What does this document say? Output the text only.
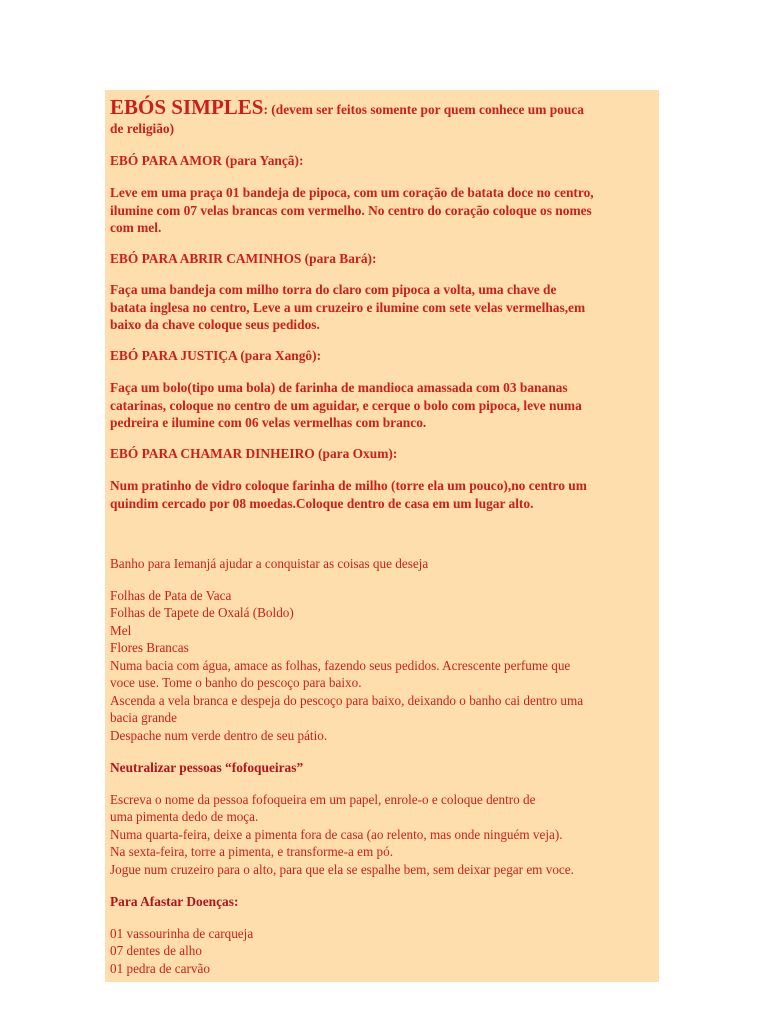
EBÓS SIMPLES: (devem ser feitos somente por quem conhece um pouca

de religião)

EBÓ PARA AMOR (para Yançã):

Leve em uma praça 01 bandeja de pipoca, com um coração de batata doce no centro,
ilumine com 07 velas brancas com vermelho. No centro do coração coloque os nomes
com mel.

EBÓ PARA ABRIR CAMINHOS (para Bará):

Faça uma bandeja com milho torra do claro com pipoca a volta, uma chave de
batata inglesa no centro, Leve a um cruzeiro e ilumine com sete velas vermelhas,em
baixo da chave coloque seus pedidos.

EBÓ PARA JUSTIÇA (para Xangô):

Faça um bolo(tipo uma bola) de farinha de mandioca amassada com 03 bananas
catarinas, coloque no centro de um aguidar, e cerque o bolo com pipoca, leve numa
pedreira e ilumine com 06 velas vermelhas com branco.

EBÓ PARA CHAMAR DINHEIRO (para Oxum):

Num pratinho de vidro coloque farinha de milho (torre ela um pouco),no centro um
quindim cercado por 08 moedas.Coloque dentro de casa em um lugar alto.

Banho para Iemanjá ajudar a conquistar as coisas que deseja

Folhas de Pata de Vaca
Folhas de Tapete de Oxalá (Boldo)
Mel
Flores Brancas
Numa bacia com água, amace as folhas, fazendo seus pedidos. Acrescente perfume que
voce use. Tome o banho do pescoço para baixo.
Ascenda a vela branca e despeja do pescoço para baixo, deixando o banho cai dentro uma
bacia grande
Despache num verde dentro de seu pátio.

Neutralizar pessoas “fofoqueiras”

Escreva o nome da pessoa fofoqueira em um papel, enrole-o e coloque dentro de
uma pimenta dedo de moça.
Numa quarta-feira, deixe a pimenta fora de casa (ao relento, mas onde ninguém veja).
Na sexta-feira, torre a pimenta, e transforme-a em pó.
Jogue num cruzeiro para o alto, para que ela se espalhe bem, sem deixar pegar em voce.

Para Afastar Doenças:

01 vassourinha de carqueja
07 dentes de alho
01 pedra de carvão
